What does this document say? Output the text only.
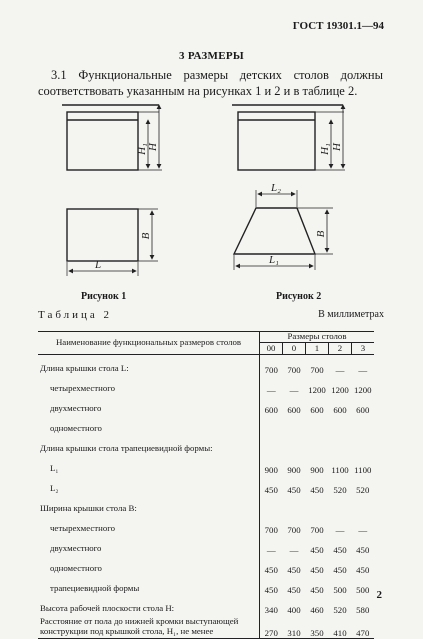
ГОСТ 19301.1—94
3 РАЗМЕРЫ
3.1 Функциональные размеры детских столов должны соответствовать указанным на рисунках 1 и 2 и в таблице 2.
H₁ H
B
L
H₁ H
L₂
B
L₁
Рисунок 1	Рисунок 2
Таблица 2	В миллиметрах
Наименование функциональных размеров столов	Размеры столов				
	00	0	1	2	3
Длина крышки стола L:	700	700	700	—	—
четырехместного	—	—	1200	1200	1200
двухместного	600	600	600	600	600
одноместного					
Длина крышки стола трапециевидной формы:					
L₁	900	900	900	1100	1100
L₂	450	450	450	520	520
Ширина крышки стола B:					
четырехместного	700	700	700	—	—
двухместного	—	—	450	450	450
одноместного	450	450	450	450	450
трапециевидной формы	450	450	450	500	500
Высота рабочей плоскости стола H:	340	400	460	520	580
Расстояние от пола до нижней кромки выступающей конструкции под крышкой стола, H₁, не менее	270	310	350	410	470
2
